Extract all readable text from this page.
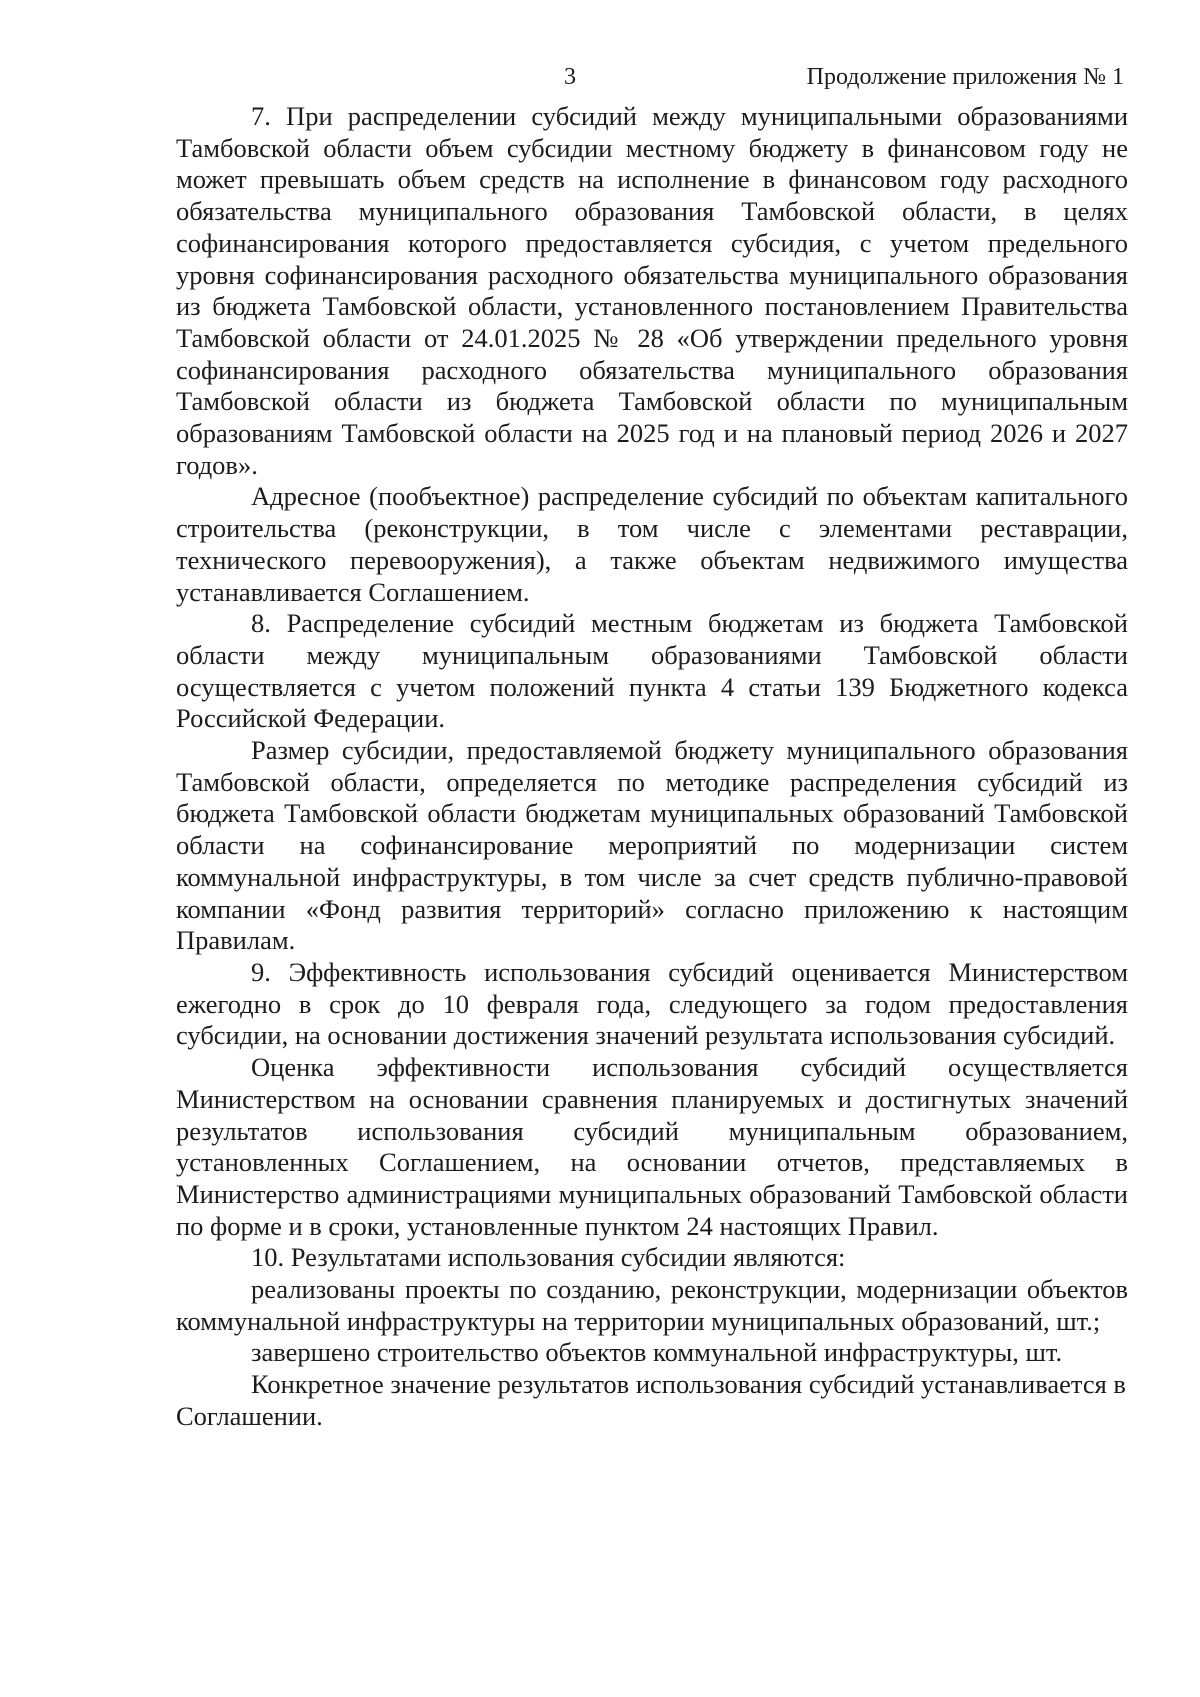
3	Продолжение приложения № 1

7. При распределении субсидий между муниципальными образованиями Тамбовской области объем субсидии местному бюджету в финансовом году не может превышать объем средств на исполнение в финансовом году расходного обязательства муниципального образования Тамбовской области, в целях софинансирования которого предоставляется субсидия, с учетом предельного уровня софинансирования расходного обязательства муниципального образования из бюджета Тамбовской области, установленного постановлением Правительства Тамбовской области от 24.01.2025 № 28 «Об утверждении предельного уровня софинансирования расходного обязательства муниципального образования Тамбовской области из бюджета Тамбовской области по муниципальным образованиям Тамбовской области на 2025 год и на плановый период 2026 и 2027 годов».

Адресное (пообъектное) распределение субсидий по объектам капитального строительства (реконструкции, в том числе с элементами реставрации, технического перевооружения), а также объектам недвижимого имущества устанавливается Соглашением.

8. Распределение субсидий местным бюджетам из бюджета Тамбовской области между муниципальным образованиями Тамбовской области осуществляется с учетом положений пункта 4 статьи 139 Бюджетного кодекса Российской Федерации.

Размер субсидии, предоставляемой бюджету муниципального образования Тамбовской области, определяется по методике распределения субсидий из бюджета Тамбовской области бюджетам муниципальных образований Тамбовской области на софинансирование мероприятий по модернизации систем коммунальной инфраструктуры, в том числе за счет средств публично-правовой компании «Фонд развития территорий» согласно приложению к настоящим Правилам.

9. Эффективность использования субсидий оценивается Министерством ежегодно в срок до 10 февраля года, следующего за годом предоставления субсидии, на основании достижения значений результата использования субсидий.

Оценка эффективности использования субсидий осуществляется Министерством на основании сравнения планируемых и достигнутых значений результатов использования субсидий муниципальным образованием, установленных Соглашением, на основании отчетов, представляемых в Министерство администрациями муниципальных образований Тамбовской области по форме и в сроки, установленные пунктом 24 настоящих Правил.

10. Результатами использования субсидии являются:

реализованы проекты по созданию, реконструкции, модернизации объектов коммунальной инфраструктуры на территории муниципальных образований, шт.;

завершено строительство объектов коммунальной инфраструктуры, шт.

Конкретное значение результатов использования субсидий устанавливается в Соглашении.
